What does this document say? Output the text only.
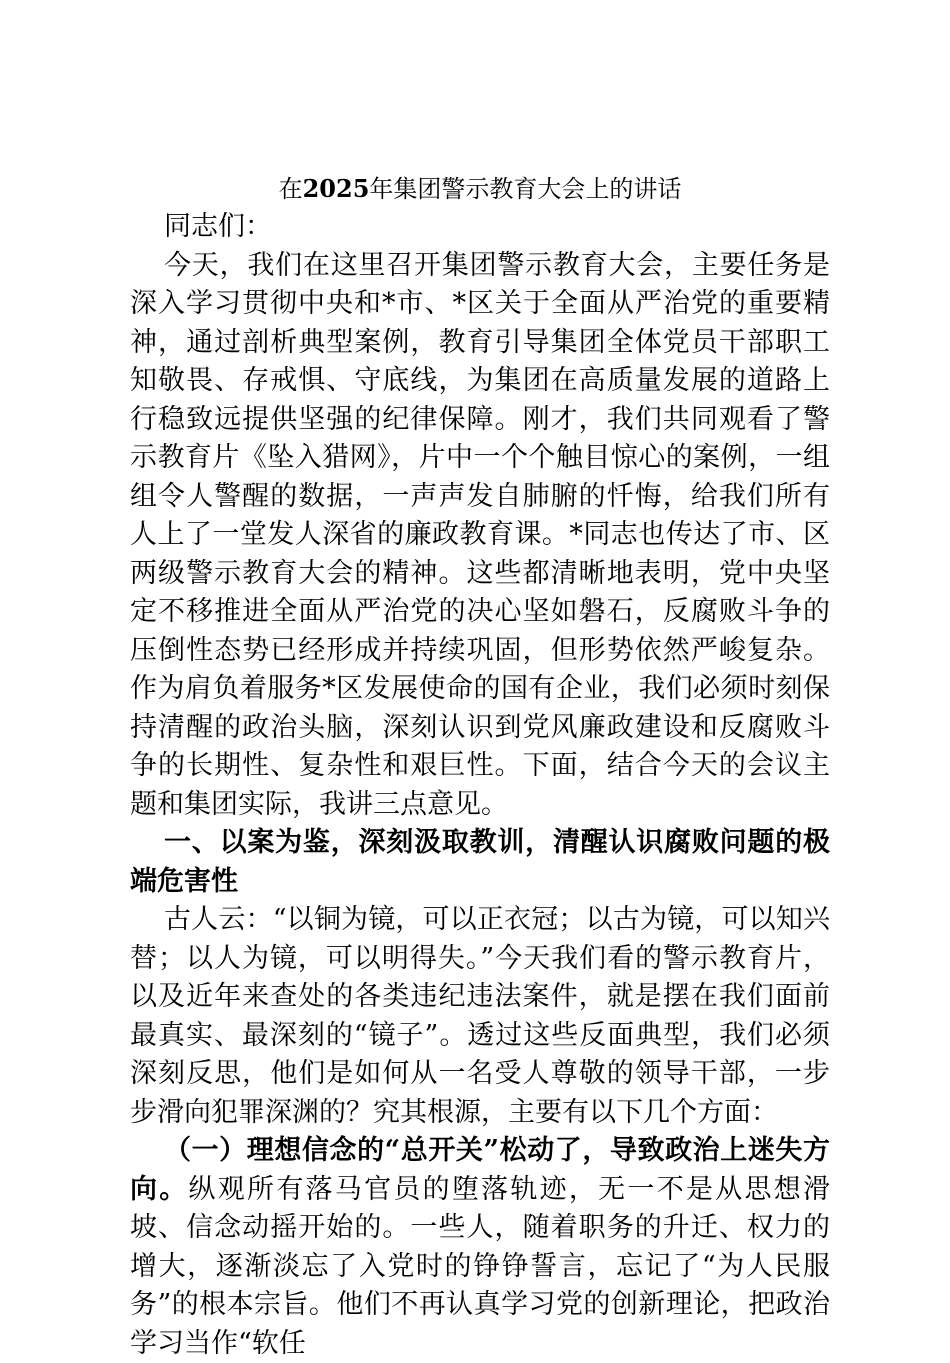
在2025年集团警示教育大会上的讲话

同志们：

今天，我们在这里召开集团警示教育大会，主要任务是深入学习贯彻中央和*市、*区关于全面从严治党的重要精神，通过剖析典型案例，教育引导集团全体党员干部职工知敬畏、存戒惧、守底线，为集团在高质量发展的道路上行稳致远提供坚强的纪律保障。刚才，我们共同观看了警示教育片《坠入猎网》，片中一个个触目惊心的案例，一组组令人警醒的数据，一声声发自肺腑的忏悔，给我们所有人上了一堂发人深省的廉政教育课。*同志也传达了市、区两级警示教育大会的精神。这些都清晰地表明，党中央坚定不移推进全面从严治党的决心坚如磐石，反腐败斗争的压倒性态势已经形成并持续巩固，但形势依然严峻复杂。作为肩负着服务*区发展使命的国有企业，我们必须时刻保持清醒的政治头脑，深刻认识到党风廉政建设和反腐败斗争的长期性、复杂性和艰巨性。下面，结合今天的会议主题和集团实际，我讲三点意见。

一、以案为鉴，深刻汲取教训，清醒认识腐败问题的极端危害性

古人云：“以铜为镜，可以正衣冠；以古为镜，可以知兴替；以人为镜，可以明得失。”今天我们看的警示教育片，以及近年来查处的各类违纪违法案件，就是摆在我们面前最真实、最深刻的“镜子”。透过这些反面典型，我们必须深刻反思，他们是如何从一名受人尊敬的领导干部，一步步滑向犯罪深渊的？究其根源，主要有以下几个方面：

（一）理想信念的“总开关”松动了，导致政治上迷失方向。纵观所有落马官员的堕落轨迹，无一不是从思想滑坡、信念动摇开始的。一些人，随着职务的升迁、权力的增大，逐渐淡忘了入党时的铮铮誓言，忘记了“为人民服务”的根本宗旨。他们不再认真学习党的创新理论，把政治学习当作“软任
